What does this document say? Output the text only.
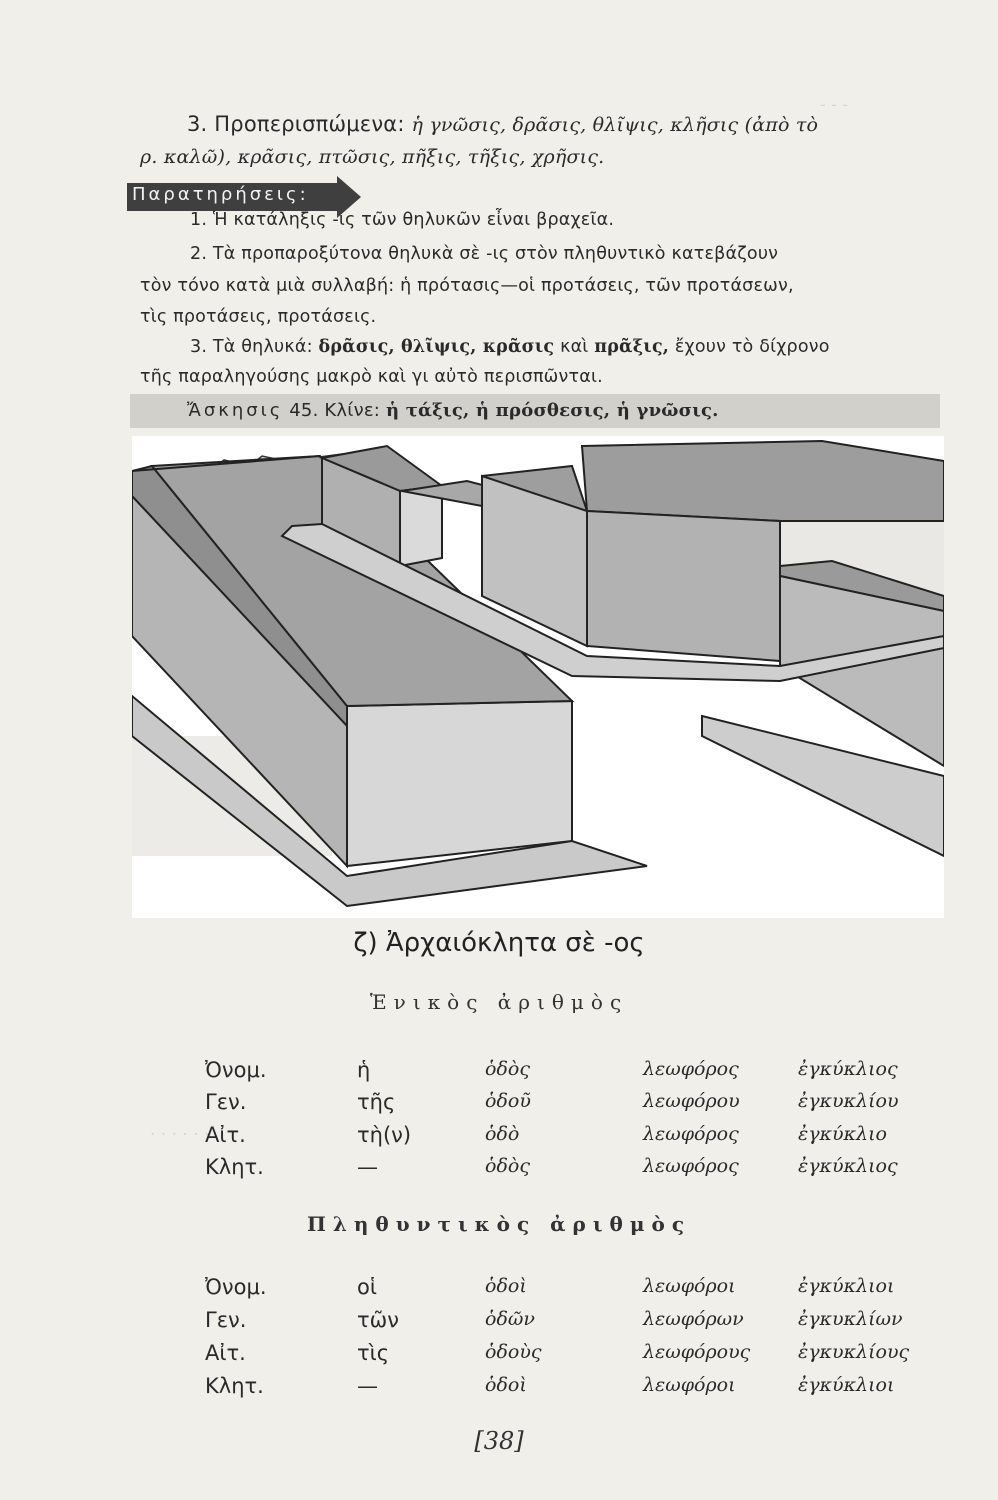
- - -
. . . . . .
3. Προπερισπώμενα: ἡ γνῶσις, δρᾶσις, θλῖψις, κλῆσις (ἀπὸ τὸ
ρ. καλῶ), κρᾶσις, πτῶσις, πῆξις, τῆξις, χρῆσις.
Παρατηρήσεις:
1. Ἡ κατάληξις -ις τῶν θηλυκῶν εἶναι βραχεῖα.
2. Τὰ προπαροξύτονα θηλυκὰ σὲ -ις στὸν πληθυντικὸ κατεβάζουν
τὸν τόνο κατὰ μιὰ συλλαβή: ἡ πρότασις—οἱ προτάσεις, τῶν προτάσεων,
τὶς προτάσεις, προτάσεις.
3. Τὰ θηλυκά: δρᾶσις, θλῖψις, κρᾶσις καὶ πρᾶξις, ἔχουν τὸ δίχρονο
τῆς παραληγούσης μακρὸ καὶ γι αὐτὸ περισπῶνται.
Ἄσκησις 45. Κλίνε: ἡ τάξις, ἡ πρόσθεσις, ἡ γνῶσις.
ζ) Ἀρχαιόκλητα σὲ -ος
Ἑνικὸς ἀριθμὸς
Ὀνομ.	ἡ	ὁδὸς	λεωφόρος	ἐγκύκλιος
Γεν.	τῆς	ὁδοῦ	λεωφόρου	ἐγκυκλίου
Αἰτ.	τὴ(ν)	ὁδὸ	λεωφόρος	ἐγκύκλιο
Κλητ.	—	ὁδὸς	λεωφόρος	ἐγκύκλιος
Πληθυντικὸς ἀριθμὸς
Ὀνομ.	οἱ	ὁδοὶ	λεωφόροι	ἐγκύκλιοι
Γεν.	τῶν	ὁδῶν	λεωφόρων	ἐγκυκλίων
Αἰτ.	τὶς	ὁδοὺς	λεωφόρους	ἐγκυκλίους
Κλητ.	—	ὁδοὶ	λεωφόροι	ἐγκύκλιοι
[38]
